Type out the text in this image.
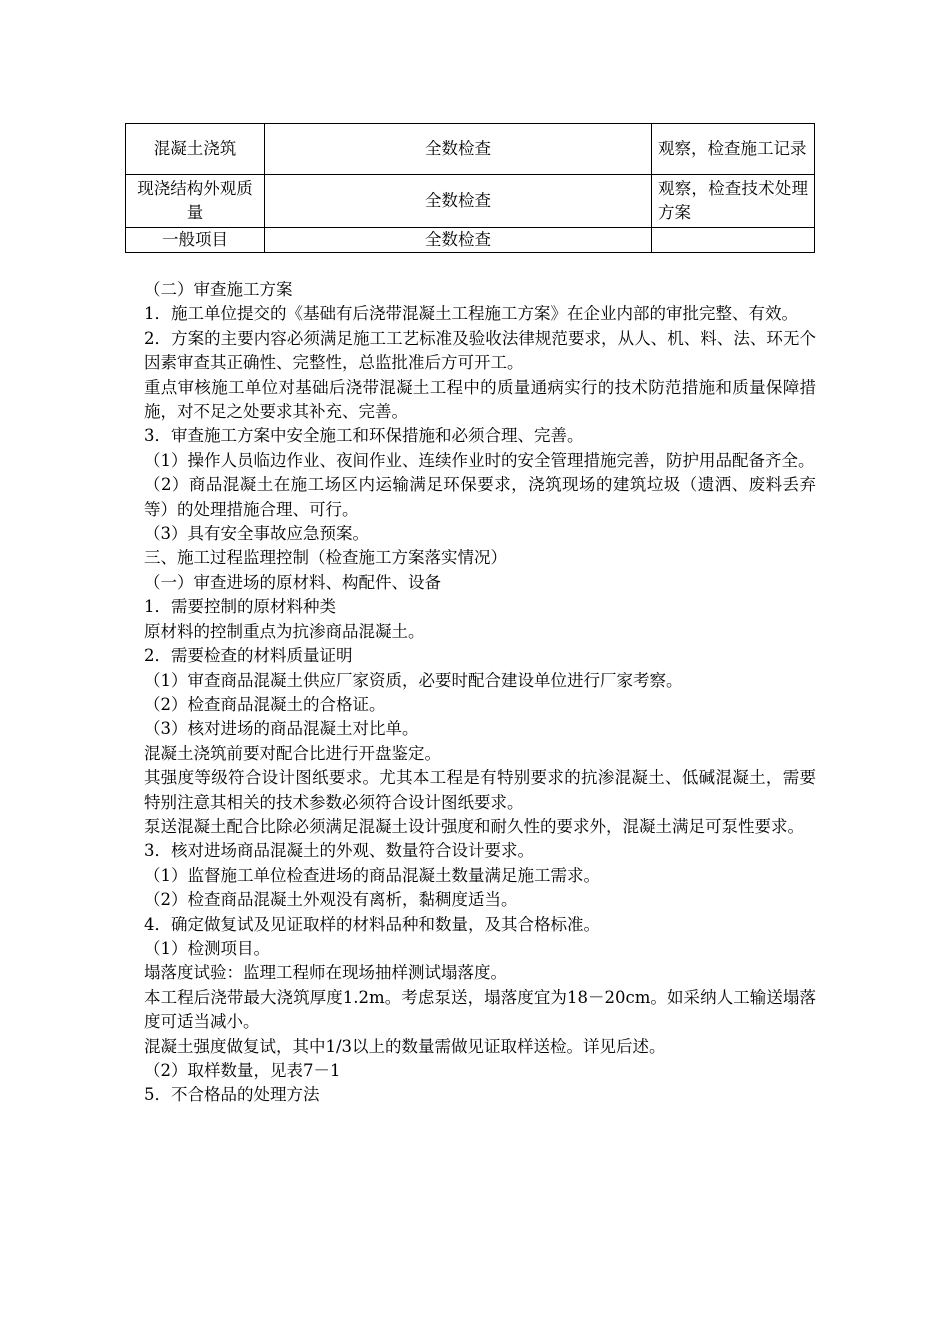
混凝土浇筑	全数检查	观察，检查施工记录
现浇结构外观质量	全数检查	观察，检查技术处理方案
一般项目	全数检查	

（二）审查施工方案

1．施工单位提交的《基础有后浇带混凝土工程施工方案》在企业内部的审批完整、有效。

2．方案的主要内容必须满足施工工艺标准及验收法律规范要求，从人、机、料、法、环无个因素审查其正确性、完整性，总监批准后方可开工。

重点审核施工单位对基础后浇带混凝土工程中的质量通病实行的技术防范措施和质量保障措施，对不足之处要求其补充、完善。

3．审查施工方案中安全施工和环保措施和必须合理、完善。

（1）操作人员临边作业、夜间作业、连续作业时的安全管理措施完善，防护用品配备齐全。

（2）商品混凝土在施工场区内运输满足环保要求，浇筑现场的建筑垃圾（遗洒、废料丢弃等）的处理措施合理、可行。

（3）具有安全事故应急预案。

三、施工过程监理控制（检查施工方案落实情况）

（一）审查进场的原材料、构配件、设备

1．需要控制的原材料种类

原材料的控制重点为抗渗商品混凝土。

2．需要检查的材料质量证明

（1）审查商品混凝土供应厂家资质，必要时配合建设单位进行厂家考察。

（2）检查商品混凝土的合格证。

（3）核对进场的商品混凝土对比单。

混凝土浇筑前要对配合比进行开盘鉴定。

其强度等级符合设计图纸要求。尤其本工程是有特别要求的抗渗混凝土、低碱混凝土，需要特别注意其相关的技术参数必须符合设计图纸要求。

泵送混凝土配合比除必须满足混凝土设计强度和耐久性的要求外，混凝土满足可泵性要求。

3．核对进场商品混凝土的外观、数量符合设计要求。

（1）监督施工单位检查进场的商品混凝土数量满足施工需求。

（2）检查商品混凝土外观没有离析，黏稠度适当。

4．确定做复试及见证取样的材料品种和数量，及其合格标准。

（1）检测项目。

塌落度试验：监理工程师在现场抽样测试塌落度。

本工程后浇带最大浇筑厚度1.2m。考虑泵送，塌落度宜为18－20cm。如采纳人工输送塌落度可适当减小。

混凝土强度做复试，其中1/3以上的数量需做见证取样送检。详见后述。

（2）取样数量，见表7－1

5．不合格品的处理方法
